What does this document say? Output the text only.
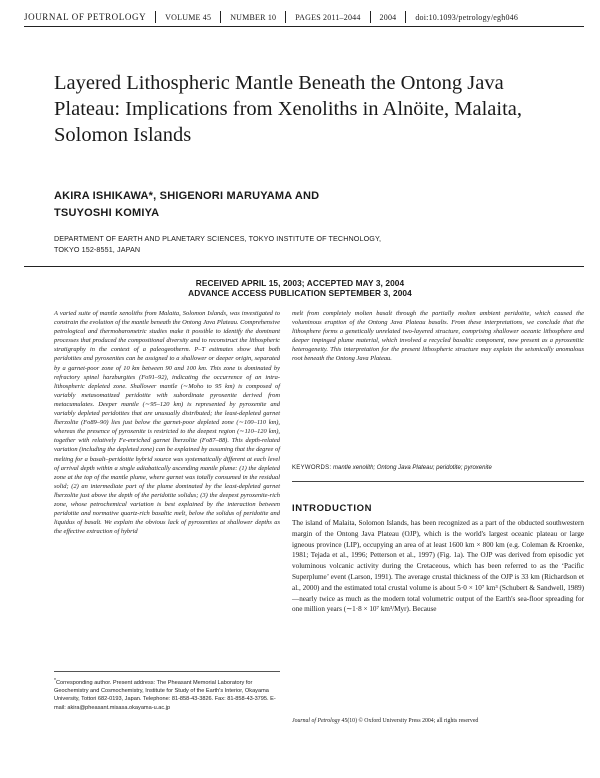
JOURNAL OF PETROLOGY VOLUME 45 NUMBER 10 PAGES 2011–2044 2004 doi:10.1093/petrology/egh046
Layered Lithospheric Mantle Beneath the Ontong Java Plateau: Implications from Xenoliths in Alnöite, Malaita, Solomon Islands
AKIRA ISHIKAWA*, SHIGENORI MARUYAMA AND
TSUYOSHI KOMIYA
DEPARTMENT OF EARTH AND PLANETARY SCIENCES, TOKYO INSTITUTE OF TECHNOLOGY,
TOKYO 152-8551, JAPAN
RECEIVED APRIL 15, 2003; ACCEPTED MAY 3, 2004
ADVANCE ACCESS PUBLICATION SEPTEMBER 3, 2004

A varied suite of mantle xenoliths from Malaita, Solomon Islands, was investigated to constrain the evolution of the mantle beneath the Ontong Java Plateau. Comprehensive petrological and thermobarometric studies make it possible to identify the dominant processes that produced the compositional diversity and to reconstruct the lithospheric stratigraphy in the context of a paleogeotherm. P–T estimates show that both peridotites and pyroxenites can be assigned to a shallower or deeper origin, separated by a garnet-poor zone of 10 km between 90 and 100 km. This zone is dominated by refractory spinel harzburgites (Fo91–92), indicating the occurrence of an intra-lithospheric depleted zone. Shallower mantle (∼Moho to 95 km) is composed of variably metasomatized peridotite with subordinate pyroxenite derived from metacumulates. Deeper mantle (∼95–120 km) is represented by pyroxenite and variably depleted peridotites that are unusually distributed; the least-depleted garnet lherzolite (Fo89–90) lies just below the garnet-poor depleted zone (∼100–110 km), whereas the presence of pyroxenite is restricted to the deepest region (∼110–120 km), together with relatively Fe-enriched garnet lherzolite (Fo87–88). This depth-related variation (including the depleted zone) can be explained by assuming that the degree of melting for a basalt–peridotite hybrid source was systematically different at each level of arrival depth within a single adiabatically ascending mantle plume: (1) the depleted zone at the top of the mantle plume, where garnet was totally consumed in the residual solid; (2) an intermediate part of the plume dominated by the least-depleted garnet lherzolite just above the depth of the peridotite solidus; (3) the deepest pyroxenite-rich zone, whose petrochemical variation is best explained by the interaction between peridotite and normative quartz-rich basaltic melt, below the solidus of peridotite and liquidus of basalt. We explain the obvious lack of pyroxenites at shallower depths as the effective extraction of hybrid

melt from completely molten basalt through the partially molten ambient peridotite, which caused the voluminous eruption of the Ontong Java Plateau basalts. From these interpretations, we conclude that the lithosphere forms a genetically unrelated two-layered structure, comprising shallower oceanic lithosphere and deeper impinged plume material, which involved a recycled basaltic component, now present as a pyroxenitic heterogeneity. This interpretation for the present lithospheric structure may explain the seismically anomalous root beneath the Ontong Java Plateau.

KEYWORDS: mantle xenolith; Ontong Java Plateau; peridotite; pyroxenite
INTRODUCTION

The island of Malaita, Solomon Islands, has been recognized as a part of the obducted southwestern margin of the Ontong Java Plateau (OJP), which is the world's largest oceanic plateau or large igneous province (LIP), occupying an area of at least 1600 km × 800 km (e.g. Coleman & Kroenke, 1981; Tejada et al., 1996; Petterson et al., 1997) (Fig. 1a). The OJP was derived from episodic yet voluminous volcanic activity during the Cretaceous, which has been referred to as the ‘Pacific Superplume’ event (Larson, 1991). The average crustal thickness of the OJP is 33 km (Richardson et al., 2000) and the estimated total crustal volume is about 5·0 × 10⁷ km³ (Schubert & Sandwell, 1989)—nearly twice as much as the modern total volumetric output of the Earth's sea-floor spreading for one million years (∼1·8 × 10⁷ km³/Myr). Because

*Corresponding author. Present address: The Pheasant Memorial Laboratory for Geochemistry and Cosmochemistry, Institute for Study of the Earth's Interior, Okayama University, Tottori 682-0193, Japan. Telephone: 81-858-43-3826. Fax: 81-858-43-3795. E-mail: akira@pheasant.misasa.okayama-u.ac.jp

Journal of Petrology 45(10) © Oxford University Press 2004; all rights reserved
